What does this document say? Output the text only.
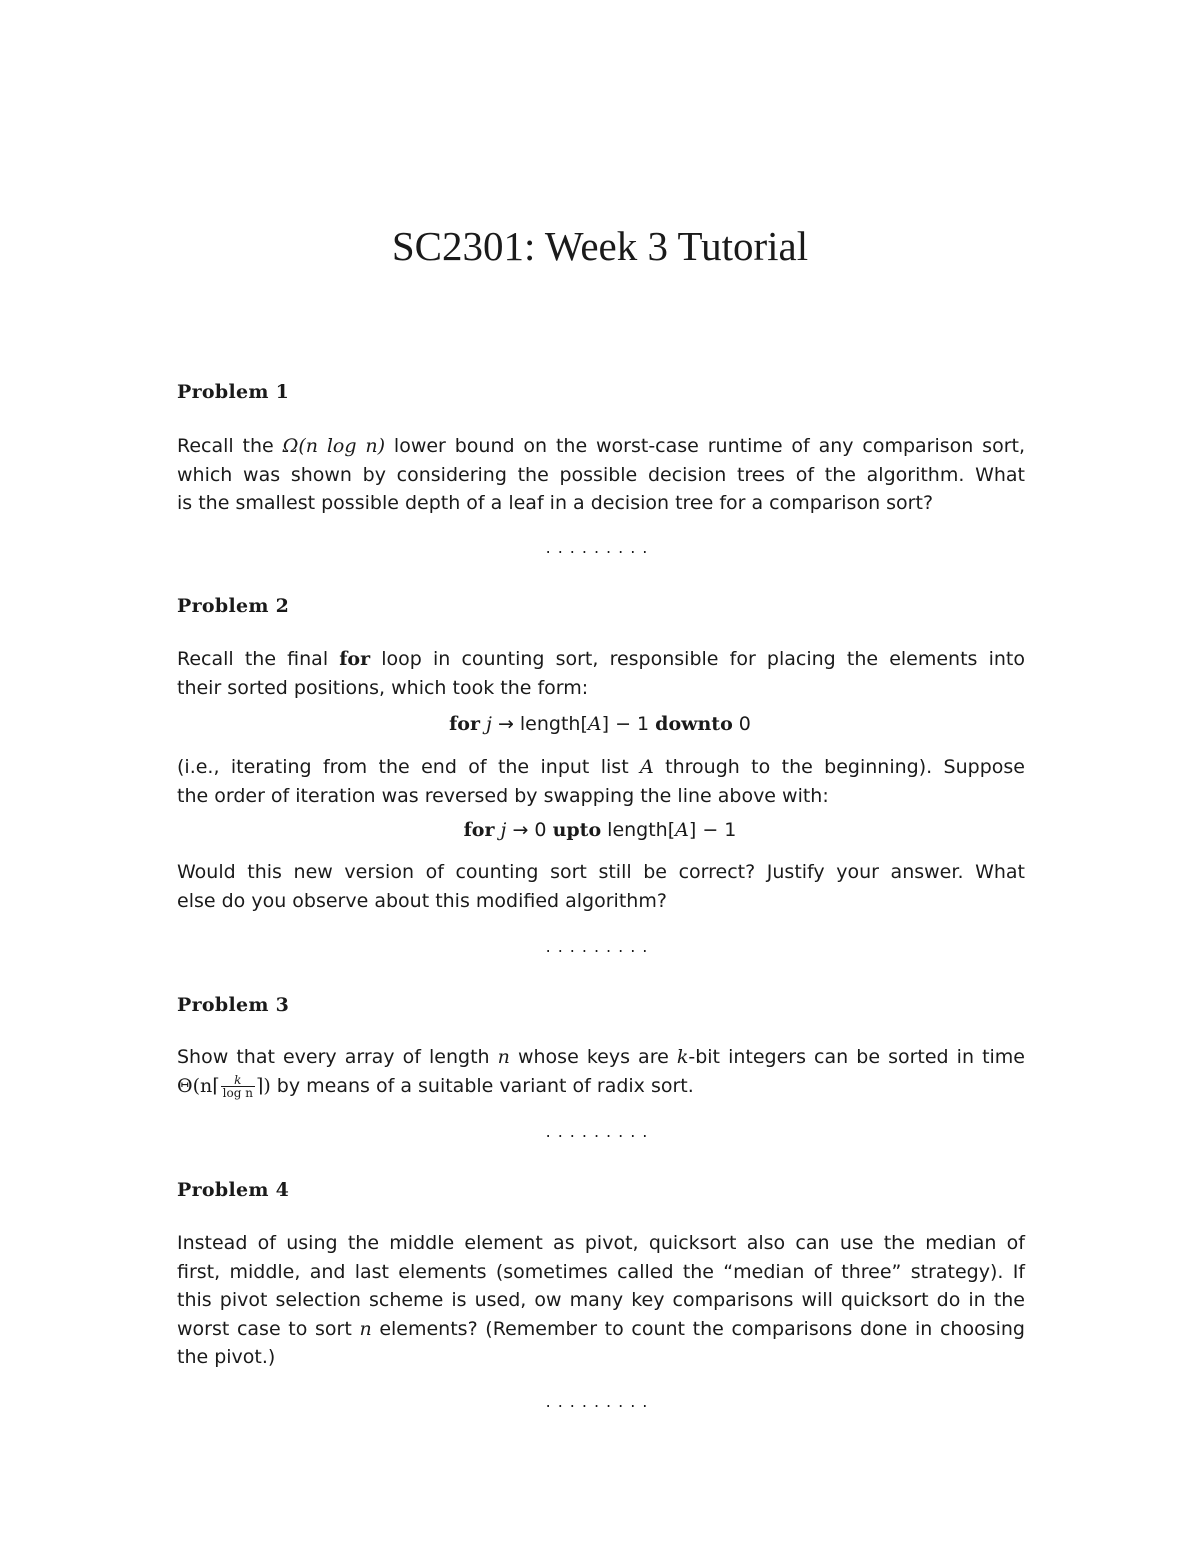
SC2301: Week 3 Tutorial
Problem 1
Recall the Ω(n log n) lower bound on the worst-case runtime of any comparison sort,
which was shown by considering the possible decision trees of the algorithm. What
is the smallest possible depth of a leaf in a decision tree for a comparison sort?
.........
Problem 2
Recall the final for loop in counting sort, responsible for placing the elements into
their sorted positions, which took the form:
for j → length[A] − 1 downto 0
(i.e., iterating from the end of the input list A through to the beginning). Suppose
the order of iteration was reversed by swapping the line above with:
for j → 0 upto length[A] − 1
Would this new version of counting sort still be correct? Justify your answer. What
else do you observe about this modified algorithm?
.........
Problem 3
Show that every array of length n whose keys are k-bit integers can be sorted in time
Θ(n⌈ $\frac{k}{\text{log n}}$ ⌉) by means of a suitable variant of radix sort.
.........
Problem 4
Instead of using the middle element as pivot, quicksort also can use the median of
first, middle, and last elements (sometimes called the “median of three” strategy). If
this pivot selection scheme is used, ow many key comparisons will quicksort do in the
worst case to sort n elements? (Remember to count the comparisons done in choosing
the pivot.)
.........
